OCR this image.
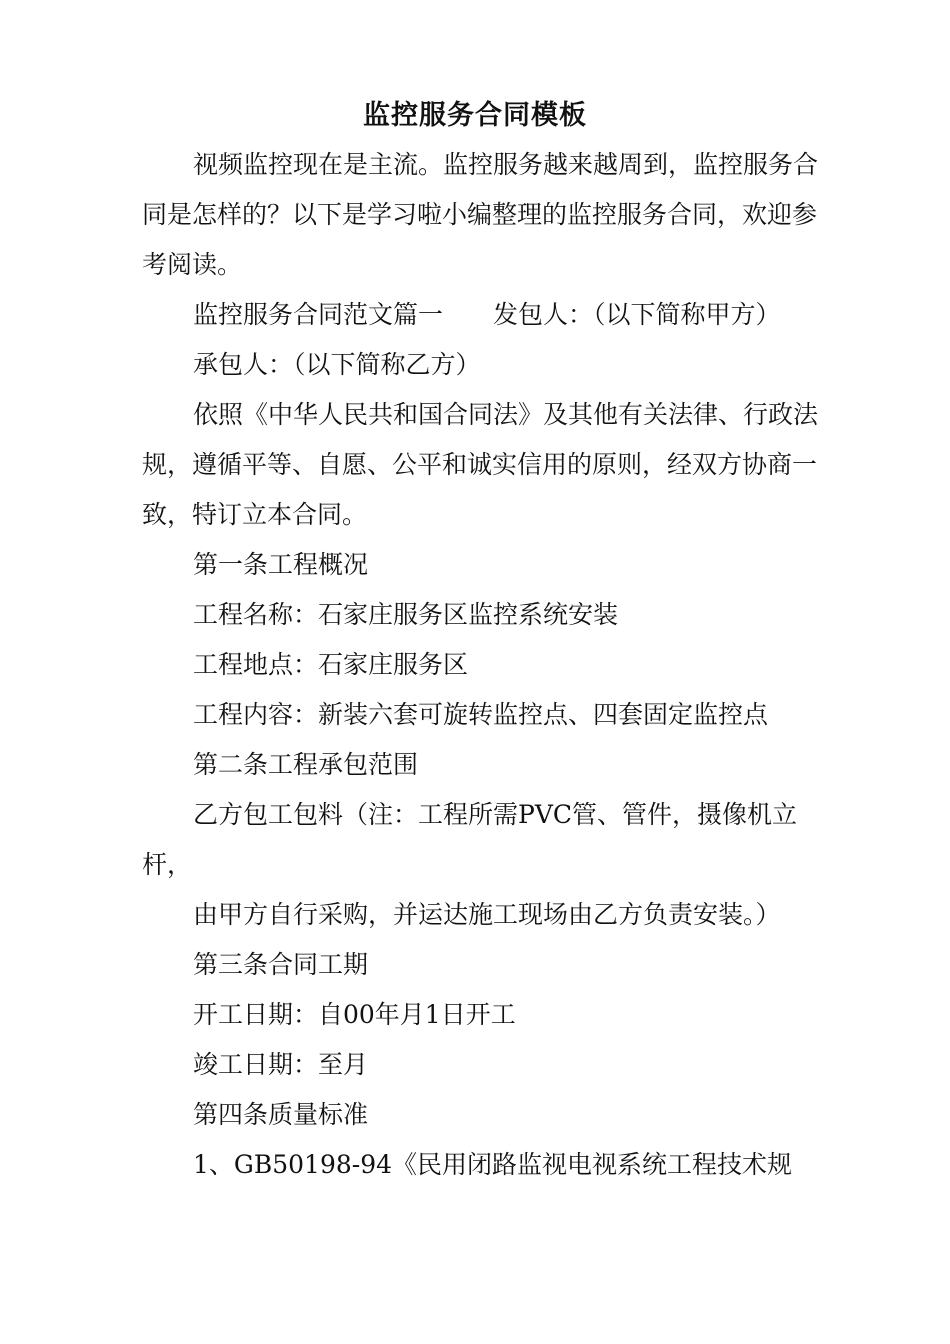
监控服务合同模板

视频监控现在是主流。监控服务越来越周到，监控服务合同是怎样的？以下是学习啦小编整理的监控服务合同，欢迎参考阅读。

监控服务合同范文篇一　　发包人：（以下简称甲方）

承包人：（以下简称乙方）

依照《中华人民共和国合同法》及其他有关法律、行政法规，遵循平等、自愿、公平和诚实信用的原则，经双方协商一致，特订立本合同。

第一条工程概况

工程名称：石家庄服务区监控系统安装

工程地点：石家庄服务区

工程内容：新装六套可旋转监控点、四套固定监控点

第二条工程承包范围

乙方包工包料（注：工程所需PVC管、管件，摄像机立杆，

由甲方自行采购，并运达施工现场由乙方负责安装。）

第三条合同工期

开工日期：自00年月1日开工

竣工日期：至月

第四条质量标准

1、GB50198-94《民用闭路监视电视系统工程技术规
